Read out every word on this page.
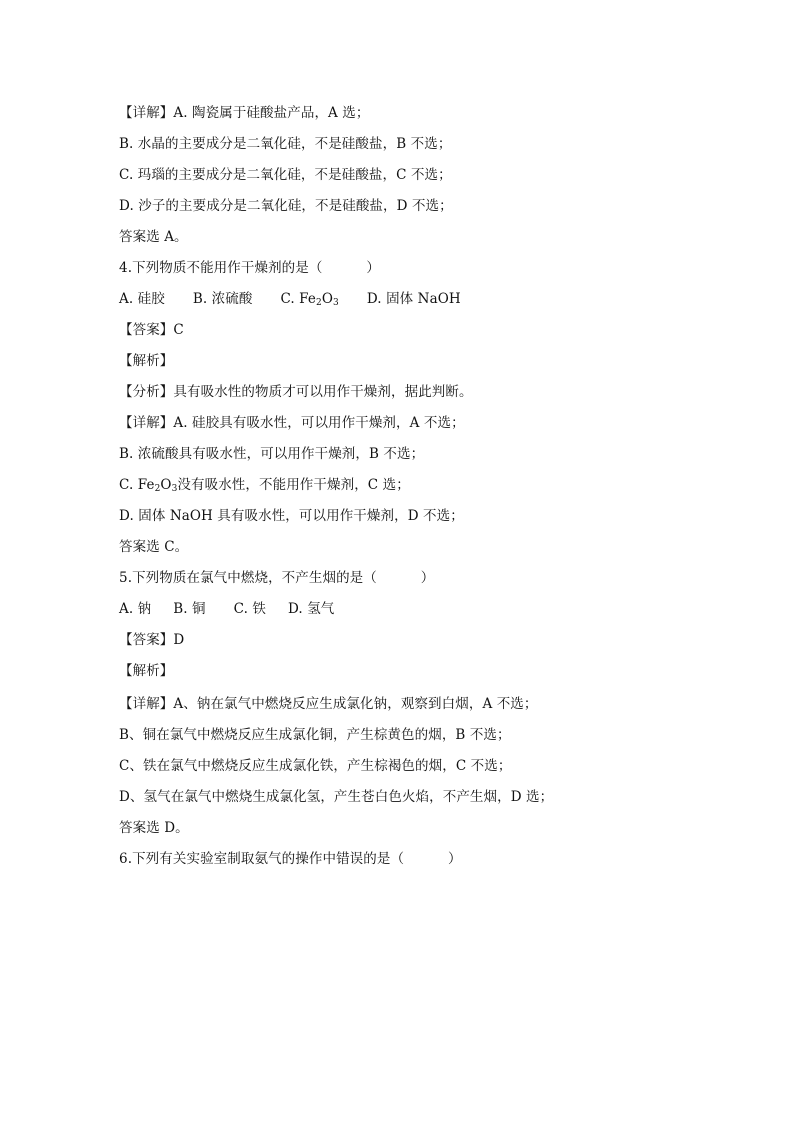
【详解】A. 陶瓷属于硅酸盐产品，A 选；
B. 水晶的主要成分是二氧化硅，不是硅酸盐，B 不选；
C. 玛瑙的主要成分是二氧化硅，不是硅酸盐，C 不选；
D. 沙子的主要成分是二氧化硅，不是硅酸盐，D 不选；
答案选 A。
4.下列物质不能用作干燥剂的是（          ）
A. 硅胶 B. 浓硫酸 C. $Fe_2O_3$ D. 固体 NaOH
【答案】C
【解析】
【分析】具有吸水性的物质才可以用作干燥剂，据此判断。
【详解】A. 硅胶具有吸水性，可以用作干燥剂，A 不选；
B. 浓硫酸具有吸水性，可以用作干燥剂，B 不选；
C. $Fe_2O_3$没有吸水性，不能用作干燥剂，C 选；
D. 固体 NaOH 具有吸水性，可以用作干燥剂，D 不选；
答案选 C。
5.下列物质在氯气中燃烧，不产生烟的是（          ）
A. 钠 B. 铜 C. 铁 D. 氢气
【答案】D
【解析】
【详解】A、钠在氯气中燃烧反应生成氯化钠，观察到白烟，A 不选；
B、铜在氯气中燃烧反应生成氯化铜，产生棕黄色的烟，B 不选；
C、铁在氯气中燃烧反应生成氯化铁，产生棕褐色的烟，C 不选；
D、氢气在氯气中燃烧生成氯化氢，产生苍白色火焰，不产生烟，D 选；
答案选 D。
6.下列有关实验室制取氨气的操作中错误的是（          ）
